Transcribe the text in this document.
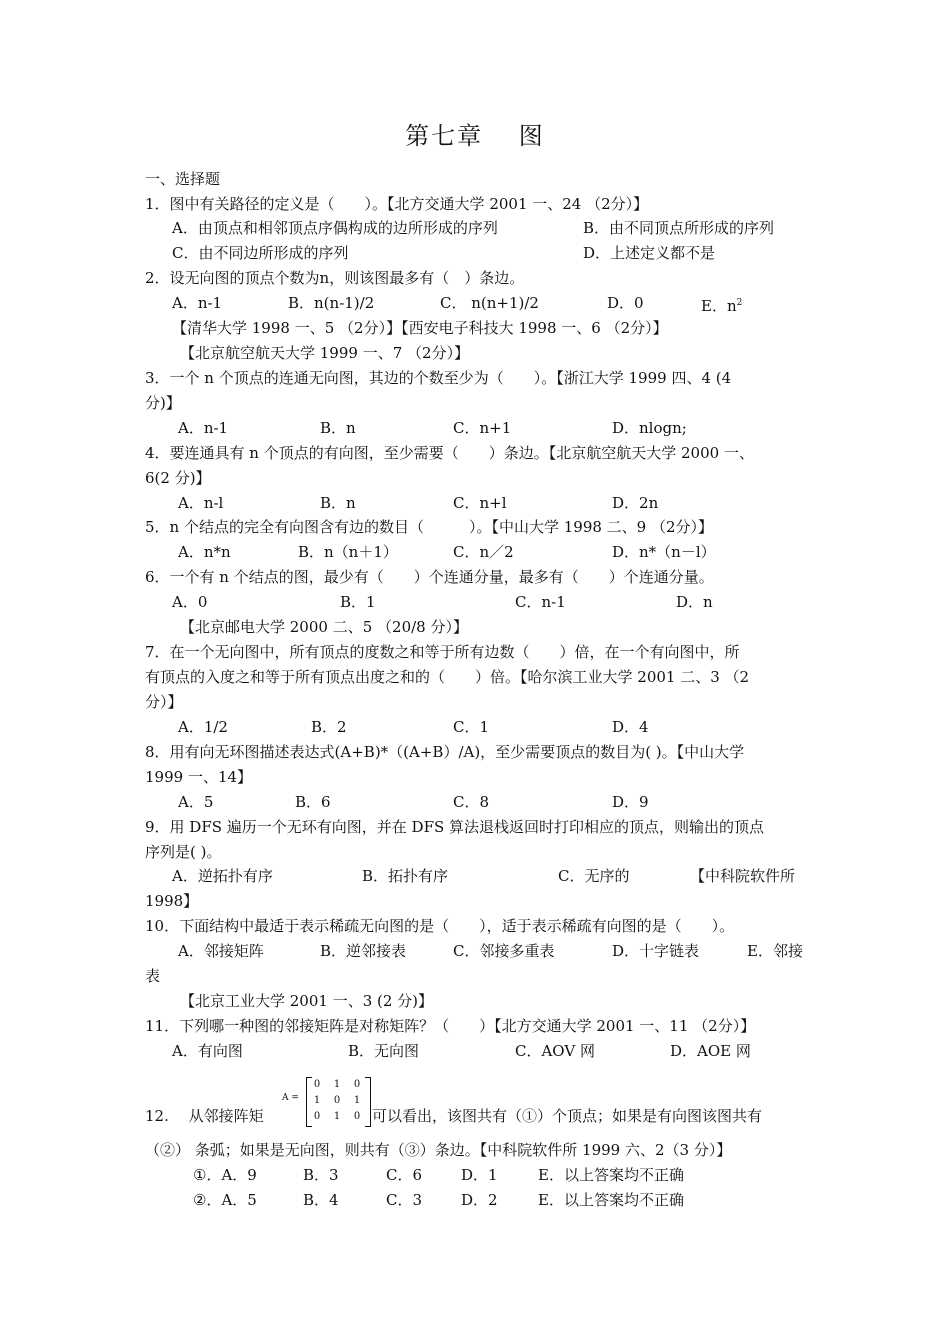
第七章　 图
一、选择题
1．图中有关路径的定义是（　　）。【北方交通大学 2001 一、24 （2分）】
A．由顶点和相邻顶点序偶构成的边所形成的序列	B．由不同顶点所形成的序列
C．由不同边所形成的序列	D．上述定义都不是
2．设无向图的顶点个数为n，则该图最多有（　）条边。
A．n-1	B．n(n-1)/2	C． n(n+1)/2	D．0	E．$n^2$
【清华大学 1998 一、5 （2分）】【西安电子科技大 1998 一、6 （2分）】
【北京航空航天大学 1999 一、7 （2分）】
3．一个 n 个顶点的连通无向图，其边的个数至少为（　　）。【浙江大学 1999 四、4 (4
分)】
A．n-1	B．n	C．n+1	D．nlogn;
4．要连通具有 n 个顶点的有向图，至少需要（　　）条边。【北京航空航天大学 2000 一、
6(2 分)】
A．n-l	B．n	C．n+l	D．2n
5．n 个结点的完全有向图含有边的数目（　　　）。【中山大学 1998 二、9 （2分）】
A．n*n	B．n（n＋1）	C．n／2	D．n*（n－l）
6．一个有 n 个结点的图，最少有（　　）个连通分量，最多有（　　）个连通分量。
A．0	B．1	C．n-1	D．n
【北京邮电大学 2000 二、5 （20/8 分）】
7．在一个无向图中，所有顶点的度数之和等于所有边数（　　）倍，在一个有向图中，所
有顶点的入度之和等于所有顶点出度之和的（　　）倍。【哈尔滨工业大学 2001 二、3 （2
分）】
A．1/2	B．2	C．1	D．4
8．用有向无环图描述表达式(A+B)*（(A+B）/A)，至少需要顶点的数目为( )。【中山大学
1999 一、14】
A．5	B．6	C．8	D．9
9．用 DFS 遍历一个无环有向图，并在 DFS 算法退栈返回时打印相应的顶点，则输出的顶点
序列是( )。
A．逆拓扑有序	B．拓扑有序	C．无序的	【中科院软件所
1998】
10．下面结构中最适于表示稀疏无向图的是（　　），适于表示稀疏有向图的是（　　）。
A．邻接矩阵	B．逆邻接表	C．邻接多重表	D．十字链表	E．邻接
表
【北京工业大学 2001 一、3 (2 分)】
11．下列哪一种图的邻接矩阵是对称矩阵？（　　）【北方交通大学 2001 一、11 （2分）】
A．有向图	B．无向图	C．AOV 网	D．AOE 网
12.　 从邻接阵矩
A =
0 1 0
1 0 1
0 1 0 可以看出，该图共有（①）个顶点；如果是有向图该图共有
（②） 条弧；如果是无向图，则共有（③）条边。【中科院软件所 1999 六、2（3 分）】
①．A．9	B．3	C．6	D．1	E．以上答案均不正确
②．A．5	B．4	C．3	D．2	E．以上答案均不正确
